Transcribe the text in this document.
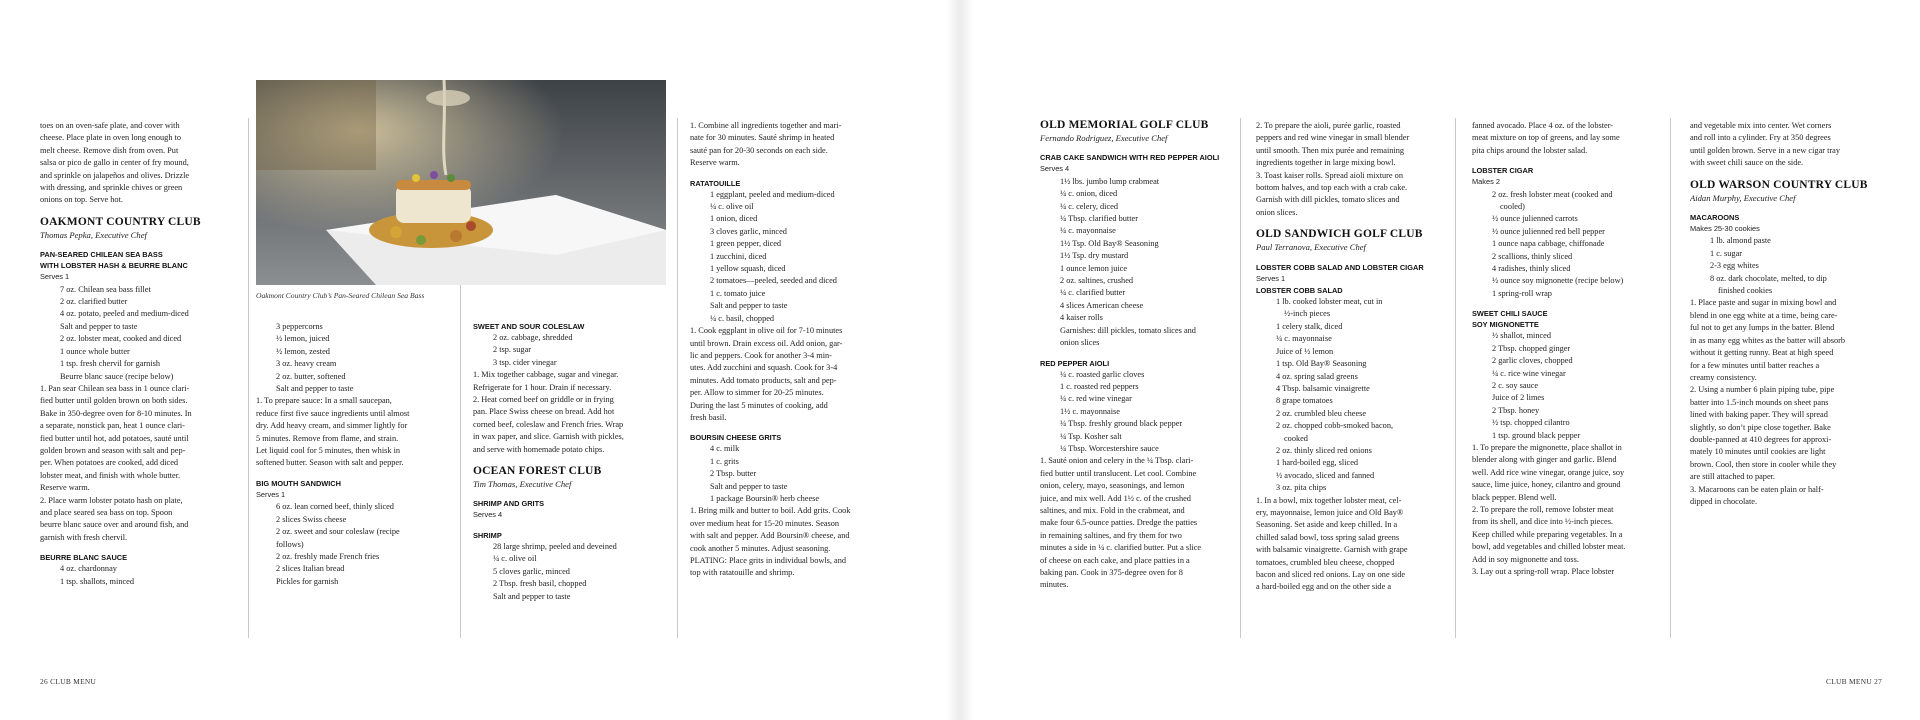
Oakmont Country Club’s Pan-Seared Chilean Sea Bass

toes on an oven-safe plate, and cover with

cheese. Place plate in oven long enough to

melt cheese. Remove dish from oven. Put

salsa or pico de gallo in center of fry mound,

and sprinkle on jalapeños and olives. Drizzle

with dressing, and sprinkle chives or green

onions on top. Serve hot.

OAKMONT COUNTRY CLUB

Thomas Pepka, Executive Chef

PAN-SEARED CHILEAN SEA BASS

WITH LOBSTER HASH & BEURRE BLANC

Serves 1

7 oz. Chilean sea bass fillet

2 oz. clarified butter

4 oz. potato, peeled and medium-diced

Salt and pepper to taste

2 oz. lobster meat, cooked and diced

1 ounce whole butter

1 tsp. fresh chervil for garnish

Beurre blanc sauce (recipe below)

1. Pan sear Chilean sea bass in 1 ounce clari-

fied butter until golden brown on both sides.

Bake in 350-degree oven for 8-10 minutes. In

a separate, nonstick pan, heat 1 ounce clari-

fied butter until hot, add potatoes, sauté until

golden brown and season with salt and pep-

per. When potatoes are cooked, add diced

lobster meat, and finish with whole butter.

Reserve warm.

2. Place warm lobster potato hash on plate,

and place seared sea bass on top. Spoon

beurre blanc sauce over and around fish, and

garnish with fresh chervil.

BEURRE BLANC SAUCE

4 oz. chardonnay

1 tsp. shallots, minced

3 peppercorns

½ lemon, juiced

½ lemon, zested

3 oz. heavy cream

2 oz. butter, softened

Salt and pepper to taste

1. To prepare sauce: In a small saucepan,

reduce first five sauce ingredients until almost

dry. Add heavy cream, and simmer lightly for

5 minutes. Remove from flame, and strain.

Let liquid cool for 5 minutes, then whisk in

softened butter. Season with salt and pepper.

BIG MOUTH SANDWICH

Serves 1

6 oz. lean corned beef, thinly sliced

2 slices Swiss cheese

2 oz. sweet and sour coleslaw (recipe

follows)

2 oz. freshly made French fries

2 slices Italian bread

Pickles for garnish

SWEET AND SOUR COLESLAW

2 oz. cabbage, shredded

2 tsp. sugar

3 tsp. cider vinegar

1. Mix together cabbage, sugar and vinegar.

Refrigerate for 1 hour. Drain if necessary.

2. Heat corned beef on griddle or in frying

pan. Place Swiss cheese on bread. Add hot

corned beef, coleslaw and French fries. Wrap

in wax paper, and slice. Garnish with pickles,

and serve with homemade potato chips.

OCEAN FOREST CLUB

Tim Thomas, Executive Chef

SHRIMP AND GRITS

Serves 4

SHRIMP

28 large shrimp, peeled and deveined

¼ c. olive oil

5 cloves garlic, minced

2 Tbsp. fresh basil, chopped

Salt and pepper to taste

1. Combine all ingredients together and mari-

nate for 30 minutes. Sauté shrimp in heated

sauté pan for 20-30 seconds on each side.

Reserve warm.

RATATOUILLE

1 eggplant, peeled and medium-diced

¼ c. olive oil

1 onion, diced

3 cloves garlic, minced

1 green pepper, diced

1 zucchini, diced

1 yellow squash, diced

2 tomatoes—peeled, seeded and diced

1 c. tomato juice

Salt and pepper to taste

¼ c. basil, chopped

1. Cook eggplant in olive oil for 7-10 minutes

until brown. Drain excess oil. Add onion, gar-

lic and peppers. Cook for another 3-4 min-

utes. Add zucchini and squash. Cook for 3-4

minutes. Add tomato products, salt and pep-

per. Allow to simmer for 20-25 minutes.

During the last 5 minutes of cooking, add

fresh basil.

BOURSIN CHEESE GRITS

4 c. milk

1 c. grits

2 Tbsp. butter

Salt and pepper to taste

1 package Boursin® herb cheese

1. Bring milk and butter to boil. Add grits. Cook

over medium heat for 15-20 minutes. Season

with salt and pepper. Add Boursin® cheese, and

cook another 5 minutes. Adjust seasoning.

PLATING: Place grits in individual bowls, and

top with ratatouille and shrimp.

OLD MEMORIAL GOLF CLUB

Fernando Rodriguez, Executive Chef

CRAB CAKE SANDWICH WITH RED PEPPER AIOLI

Serves 4

1½ lbs. jumbo lump crabmeat

¼ c. onion, diced

¼ c. celery, diced

¼ Tbsp. clarified butter

¼ c. mayonnaise

1½ Tsp. Old Bay® Seasoning

1½ Tsp. dry mustard

1 ounce lemon juice

2 oz. saltines, crushed

¼ c. clarified butter

4 slices American cheese

4 kaiser rolls

Garnishes: dill pickles, tomato slices and

onion slices

RED PEPPER AIOLI

¼ c. roasted garlic cloves

1 c. roasted red peppers

¼ c. red wine vinegar

1½ c. mayonnaise

¼ Tbsp. freshly ground black pepper

¼ Tsp. Kosher salt

¼ Tbsp. Worcestershire sauce

1. Sauté onion and celery in the ¼ Tbsp. clari-

fied butter until translucent. Let cool. Combine

onion, celery, mayo, seasonings, and lemon

juice, and mix well. Add 1½ c. of the crushed

saltines, and mix. Fold in the crabmeat, and

make four 6.5-ounce patties. Dredge the patties

in remaining saltines, and fry them for two

minutes a side in ¼ c. clarified butter. Put a slice

of cheese on each cake, and place patties in a

baking pan. Cook in 375-degree oven for 8

minutes.

2. To prepare the aioli, purée garlic, roasted

peppers and red wine vinegar in small blender

until smooth. Then mix purée and remaining

ingredients together in large mixing bowl.

3. Toast kaiser rolls. Spread aioli mixture on

bottom halves, and top each with a crab cake.

Garnish with dill pickles, tomato slices and

onion slices.

OLD SANDWICH GOLF CLUB

Paul Terranova, Executive Chef

LOBSTER COBB SALAD AND LOBSTER CIGAR

Serves 1

LOBSTER COBB SALAD

1 lb. cooked lobster meat, cut in

½-inch pieces

1 celery stalk, diced

¼ c. mayonnaise

Juice of ½ lemon

1 tsp. Old Bay® Seasoning

4 oz. spring salad greens

4 Tbsp. balsamic vinaigrette

8 grape tomatoes

2 oz. crumbled bleu cheese

2 oz. chopped cobb-smoked bacon,

cooked

2 oz. thinly sliced red onions

1 hard-boiled egg, sliced

½ avocado, sliced and fanned

3 oz. pita chips

1. In a bowl, mix together lobster meat, cel-

ery, mayonnaise, lemon juice and Old Bay®

Seasoning. Set aside and keep chilled. In a

chilled salad bowl, toss spring salad greens

with balsamic vinaigrette. Garnish with grape

tomatoes, crumbled bleu cheese, chopped

bacon and sliced red onions. Lay on one side

a hard-boiled egg and on the other side a

fanned avocado. Place 4 oz. of the lobster-

meat mixture on top of greens, and lay some

pita chips around the lobster salad.

LOBSTER CIGAR

Makes 2

2 oz. fresh lobster meat (cooked and

cooled)

½ ounce julienned carrots

½ ounce julienned red bell pepper

1 ounce napa cabbage, chiffonade

2 scallions, thinly sliced

4 radishes, thinly sliced

½ ounce soy mignonette (recipe below)

1 spring-roll wrap

SWEET CHILI SAUCE

SOY MIGNONETTE

½ shallot, minced

2 Tbsp. chopped ginger

2 garlic cloves, chopped

¼ c. rice wine vinegar

2 c. soy sauce

Juice of 2 limes

2 Tbsp. honey

½ tsp. chopped cilantro

1 tsp. ground black pepper

1. To prepare the mignonette, place shallot in

blender along with ginger and garlic. Blend

well. Add rice wine vinegar, orange juice, soy

sauce, lime juice, honey, cilantro and ground

black pepper. Blend well.

2. To prepare the roll, remove lobster meat

from its shell, and dice into ½-inch pieces.

Keep chilled while preparing vegetables. In a

bowl, add vegetables and chilled lobster meat.

Add in soy mignonette and toss.

3. Lay out a spring-roll wrap. Place lobster

and vegetable mix into center. Wet corners

and roll into a cylinder. Fry at 350 degrees

until golden brown. Serve in a new cigar tray

with sweet chili sauce on the side.

OLD WARSON COUNTRY CLUB

Aidan Murphy, Executive Chef

MACAROONS

Makes 25-30 cookies

1 lb. almond paste

1 c. sugar

2-3 egg whites

8 oz. dark chocolate, melted, to dip

finished cookies

1. Place paste and sugar in mixing bowl and

blend in one egg white at a time, being care-

ful not to get any lumps in the batter. Blend

in as many egg whites as the batter will absorb

without it getting runny. Beat at high speed

for a few minutes until batter reaches a

creamy consistency.

2. Using a number 6 plain piping tube, pipe

batter into 1.5-inch mounds on sheet pans

lined with baking paper. They will spread

slightly, so don’t pipe close together. Bake

double-panned at 410 degrees for approxi-

mately 10 minutes until cookies are light

brown. Cool, then store in cooler while they

are still attached to paper.

3. Macaroons can be eaten plain or half-

dipped in chocolate.

26 CLUB MENU	CLUB MENU 27
